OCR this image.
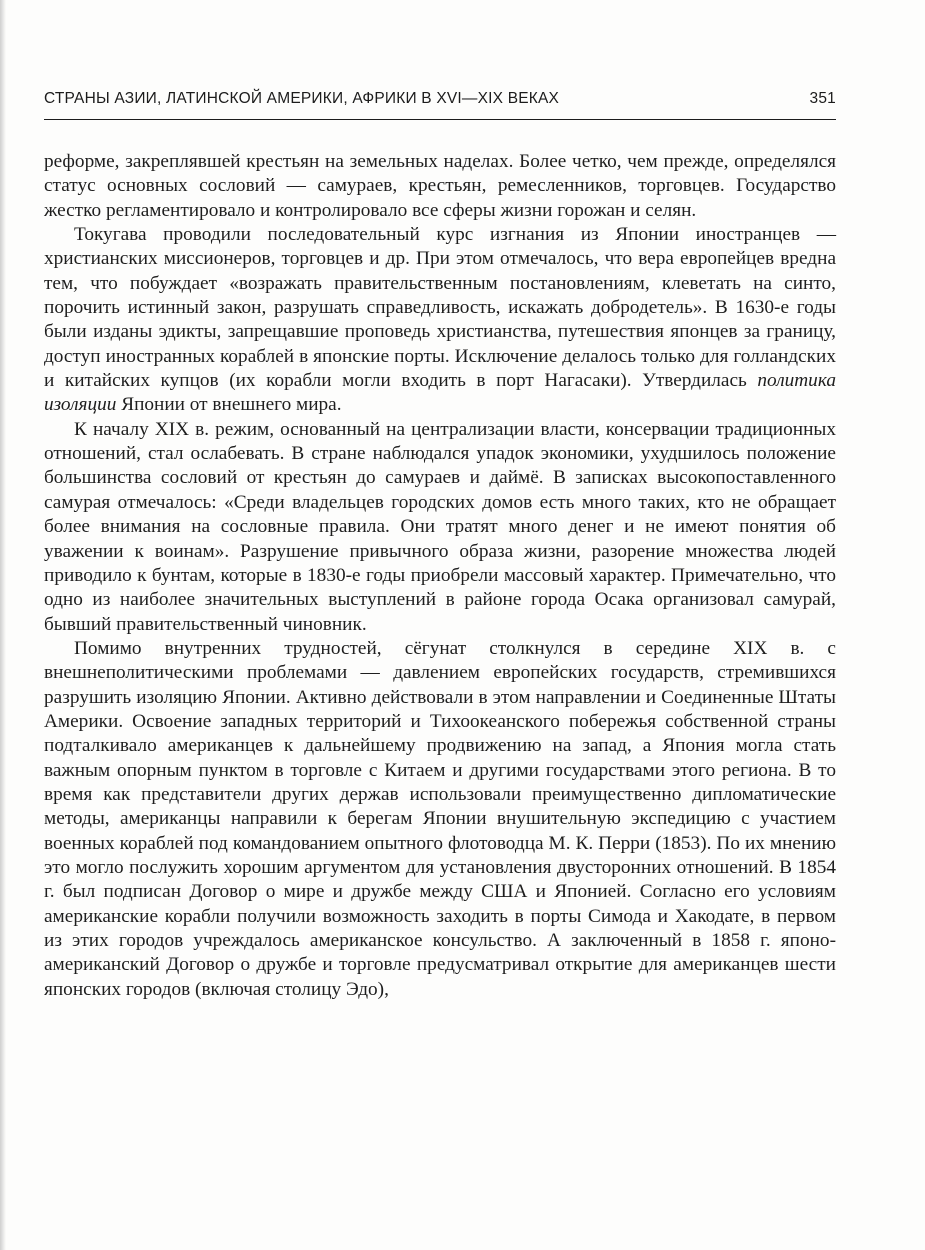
СТРАНЫ АЗИИ, ЛАТИНСКОЙ АМЕРИКИ, АФРИКИ В XVI—XIX ВЕКАХ	351

реформе, закреплявшей крестьян на земельных наделах. Более четко, чем прежде, определялся статус основных сословий — самураев, крестьян, ремесленников, торговцев. Государство жестко регламентировало и контролировало все сферы жизни горожан и селян.

Токугава проводили последовательный курс изгнания из Японии иностранцев — христианских миссионеров, торговцев и др. При этом отмечалось, что вера европейцев вредна тем, что побуждает «возражать правительственным постановлениям, клеветать на синто, порочить истинный закон, разрушать справедливость, искажать добродетель». В 1630-е годы были изданы эдикты, запрещавшие проповедь христианства, путешествия японцев за границу, доступ иностранных кораблей в японские порты. Исключение делалось только для голландских и китайских купцов (их корабли могли входить в порт Нагасаки). Утвердилась политика изоляции Японии от внешнего мира.

К началу XIX в. режим, основанный на централизации власти, консервации традиционных отношений, стал ослабевать. В стране наблюдался упадок экономики, ухудшилось положение большинства сословий от крестьян до самураев и даймё. В записках высокопоставленного самурая отмечалось: «Среди владельцев городских домов есть много таких, кто не обращает более внимания на сословные правила. Они тратят много денег и не имеют понятия об уважении к воинам». Разрушение привычного образа жизни, разорение множества людей приводило к бунтам, которые в 1830-е годы приобрели массовый характер. Примечательно, что одно из наиболее значительных выступлений в районе города Осака организовал самурай, бывший правительственный чиновник.

Помимо внутренних трудностей, сёгунат столкнулся в середине XIX в. с внешнеполитическими проблемами — давлением европейских государств, стремившихся разрушить изоляцию Японии. Активно действовали в этом направлении и Соединенные Штаты Америки. Освоение западных территорий и Тихоокеанского побережья собственной страны подталкивало американцев к дальнейшему продвижению на запад, а Япония могла стать важным опорным пунктом в торговле с Китаем и другими государствами этого региона. В то время как представители других держав использовали преимущественно дипломатические методы, американцы направили к берегам Японии внушительную экспедицию с участием военных кораблей под командованием опытного флотоводца М. К. Перри (1853). По их мнению это могло послужить хорошим аргументом для установления двусторонних отношений. В 1854 г. был подписан Договор о мире и дружбе между США и Японией. Согласно его условиям американские корабли получили возможность заходить в порты Симода и Хакодате, в первом из этих городов учреждалось американское консульство. А заключенный в 1858 г. японо-американский Договор о дружбе и торговле предусматривал открытие для американцев шести японских городов (включая столицу Эдо),
